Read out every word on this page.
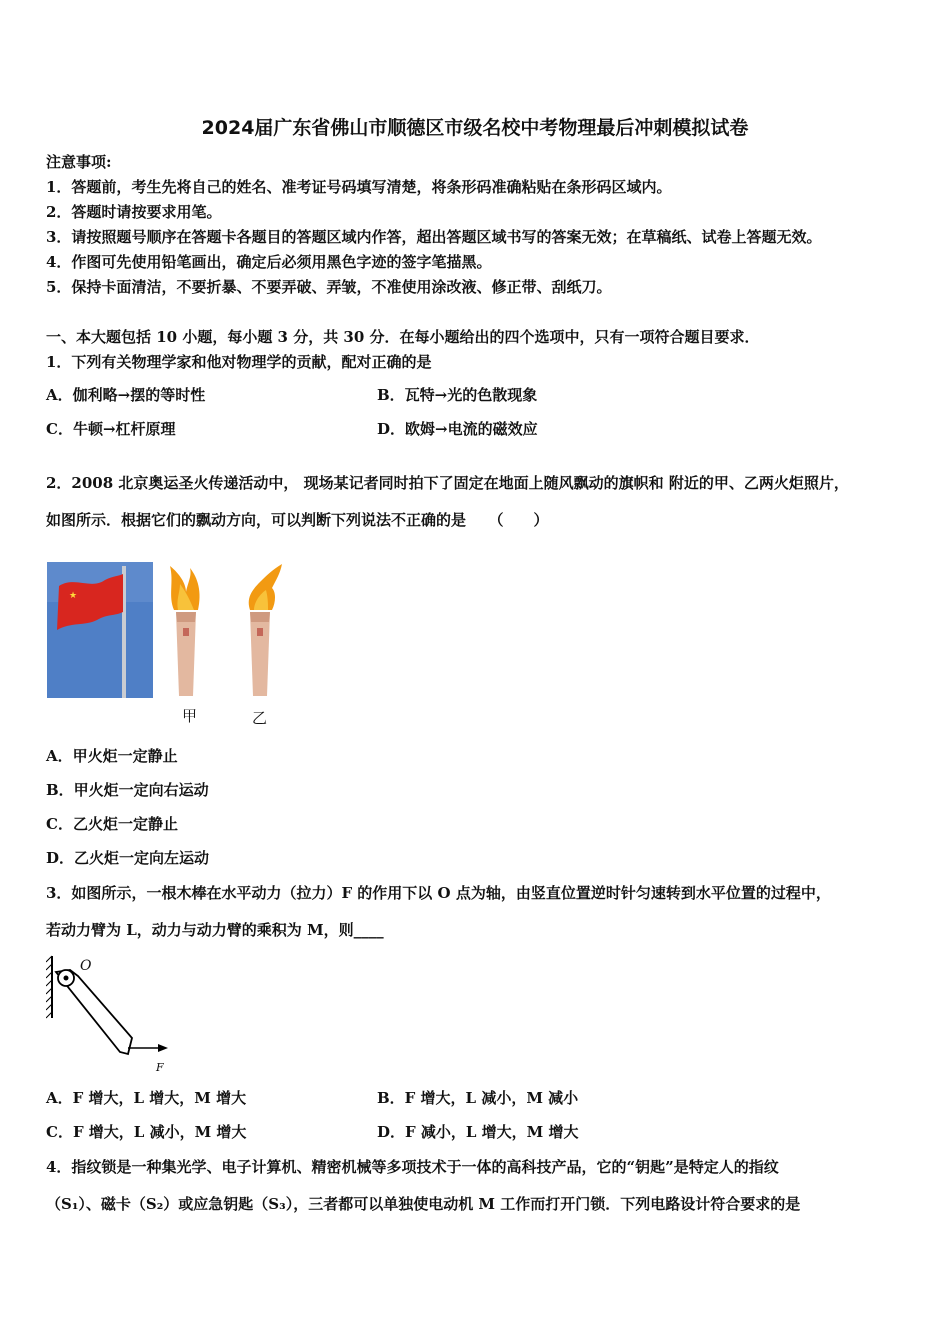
2024届广东省佛山市顺德区市级名校中考物理最后冲刺模拟试卷
注意事项:
1．答题前，考生先将自己的姓名、准考证号码填写清楚，将条形码准确粘贴在条形码区域内。
2．答题时请按要求用笔。
3．请按照题号顺序在答题卡各题目的答题区域内作答，超出答题区域书写的答案无效；在草稿纸、试卷上答题无效。
4．作图可先使用铅笔画出，确定后必须用黑色字迹的签字笔描黑。
5．保持卡面清洁，不要折暴、不要弄破、弄皱，不准使用涂改液、修正带、刮纸刀。
一、本大题包括 10 小题，每小题 3 分，共 30 分．在每小题给出的四个选项中，只有一项符合题目要求．
1．下列有关物理学家和他对物理学的贡献，配对正确的是
A．伽利略→摆的等时性	B．瓦特→光的色散现象
C．牛顿→杠杆原理	D．欧姆→电流的磁效应
2．2008 北京奥运圣火传递活动中， 现场某记者同时拍下了固定在地面上随风飘动的旗帜和 附近的甲、乙两火炬照片，
如图所示．根据它们的飘动方向，可以判断下列说法不正确的是　　（　　）
★
甲	乙
A．甲火炬一定静止
B．甲火炬一定向右运动
C．乙火炬一定静止
D．乙火炬一定向左运动
3．如图所示，一根木棒在水平动力（拉力）F 的作用下以 O 点为轴，由竖直位置逆时针匀速转到水平位置的过程中，
若动力臂为 L，动力与动力臂的乘积为 M，则____
O
F
A．F 增大，L 增大，M 增大	B．F 增大，L 减小，M 减小
C．F 增大，L 减小，M 增大	D．F 减小，L 增大，M 增大
4．指纹锁是一种集光学、电子计算机、精密机械等多项技术于一体的高科技产品，它的“钥匙”是特定人的指纹
（S₁）、磁卡（S₂）或应急钥匙（S₃），三者都可以单独使电动机 M 工作而打开门锁．下列电路设计符合要求的是
